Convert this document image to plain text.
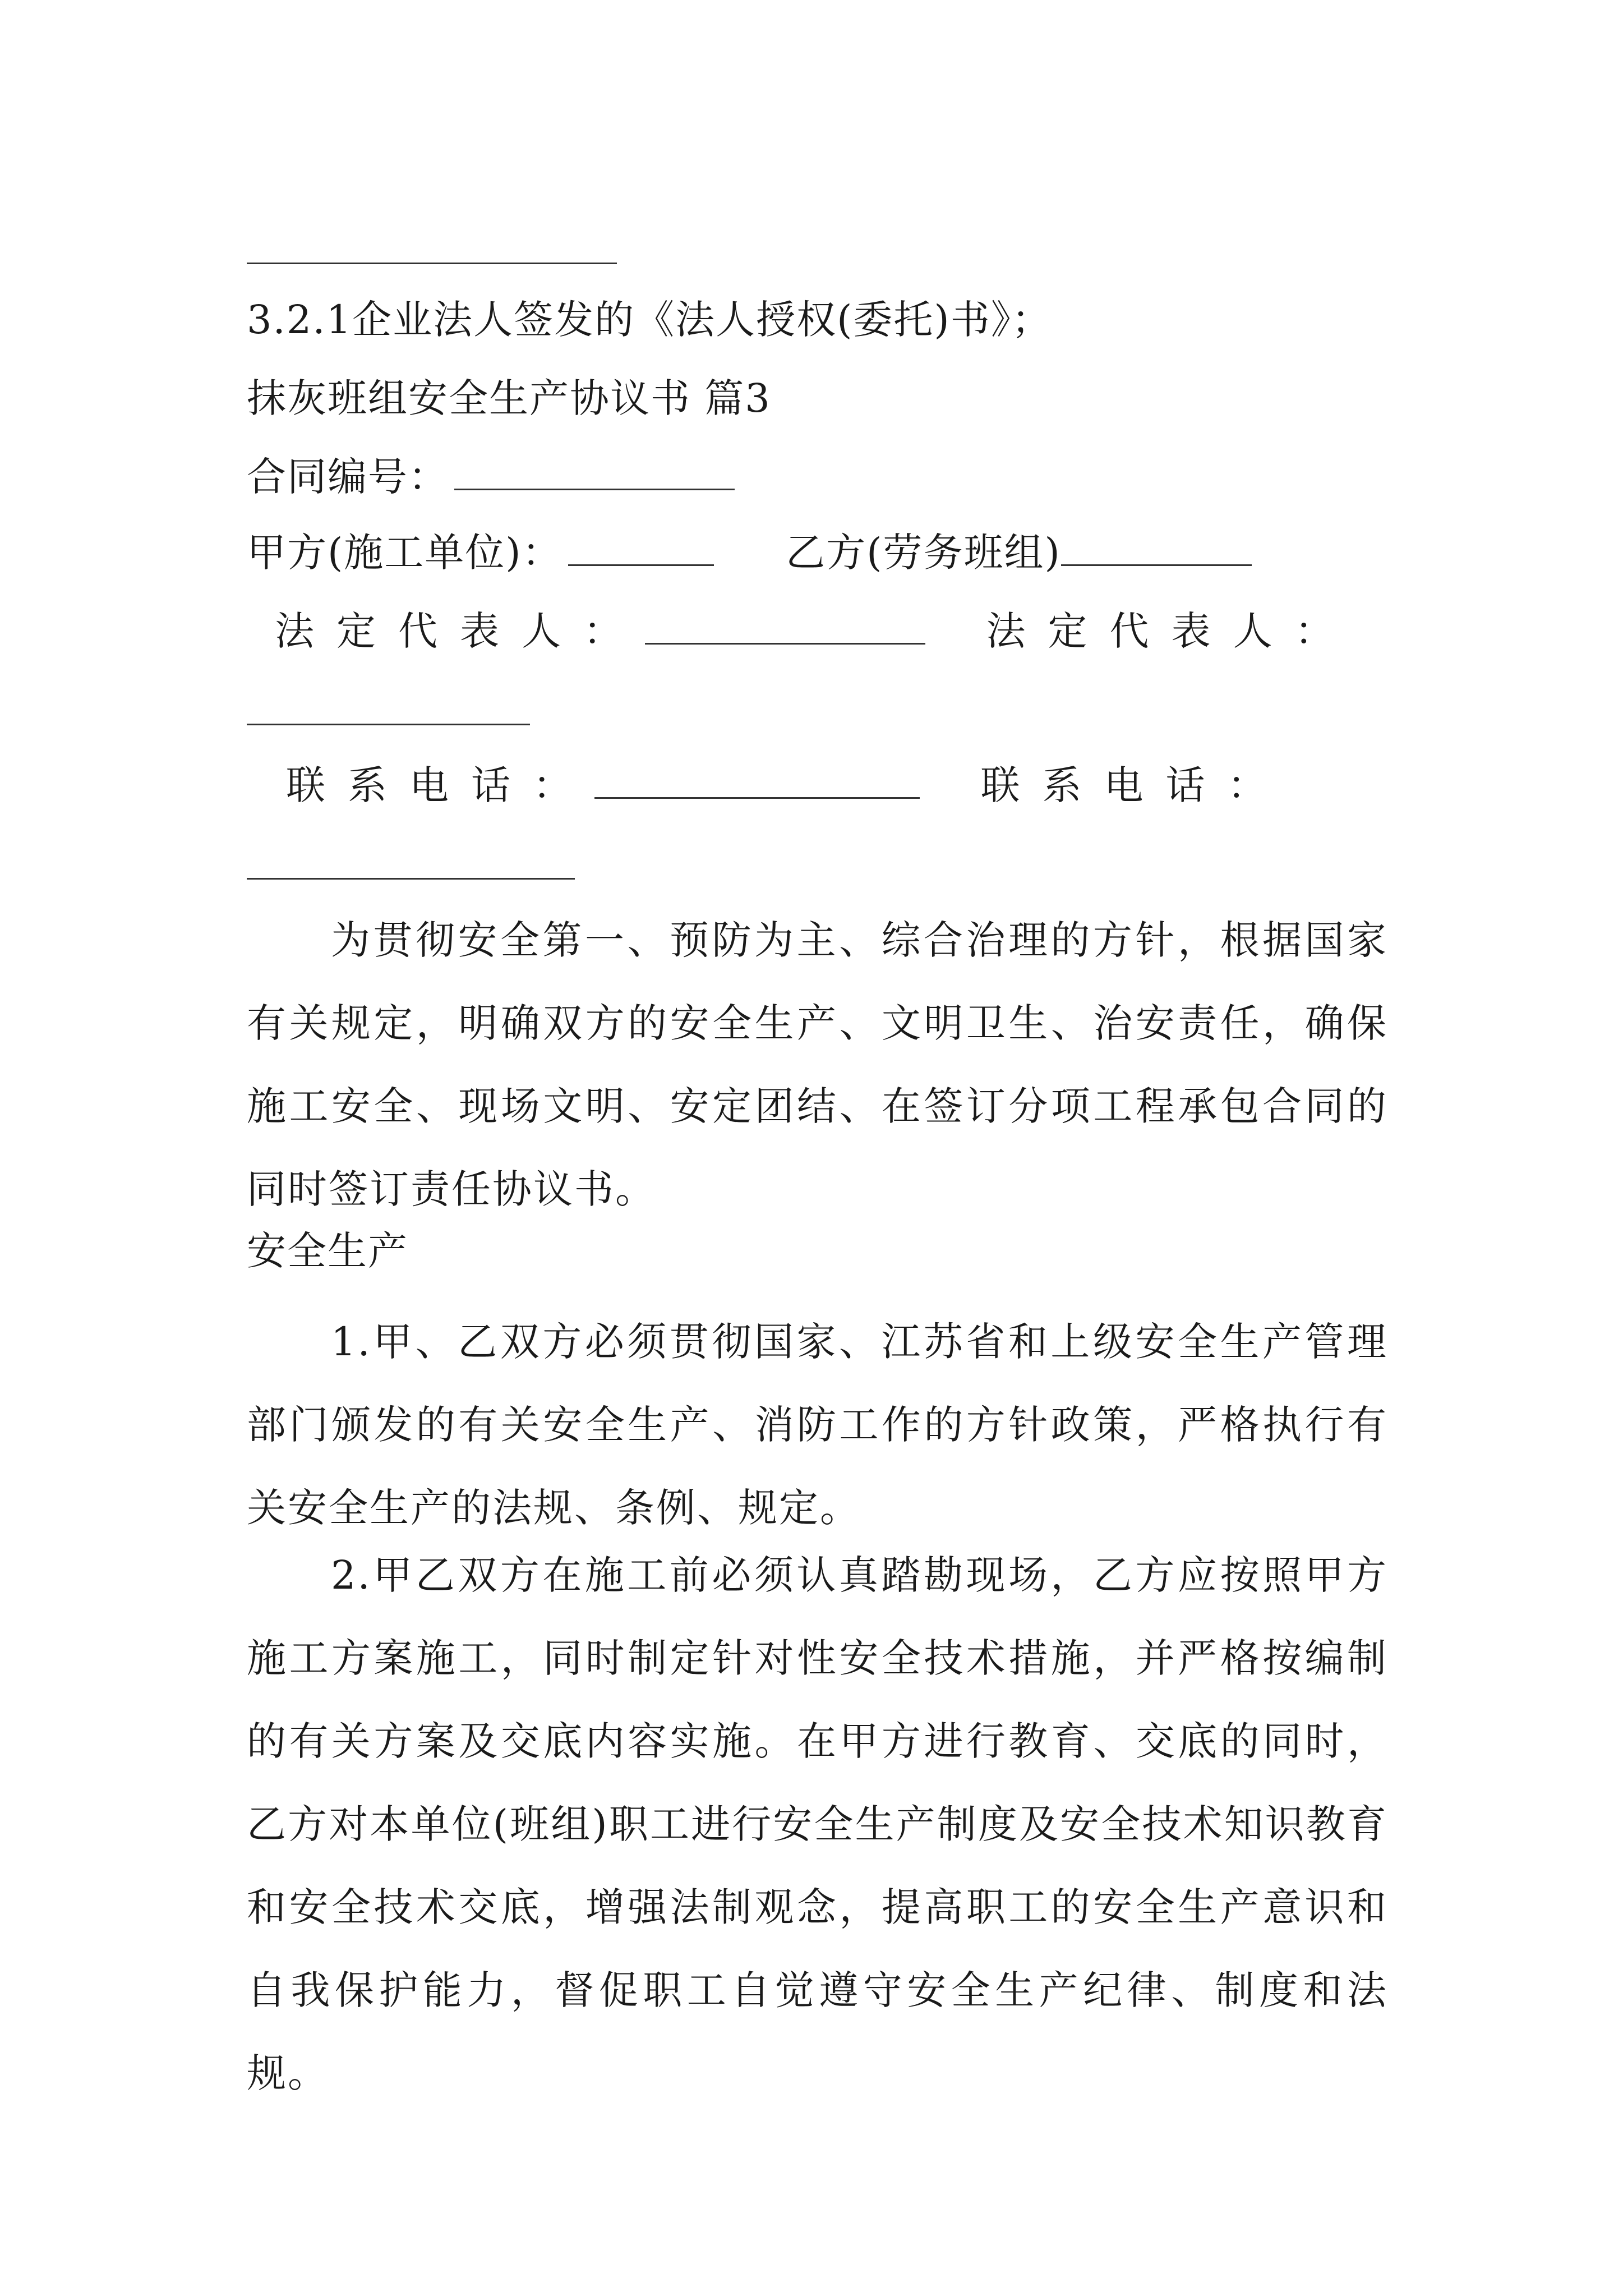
3.2.1企业法人签发的《法人授权(委托)书》；
抹灰班组安全生产协议书 篇3
合同编号：
甲方(施工单位)：	乙方(劳务班组)
法定代表人：	法定代表人：
联系电话：	联系电话：
为贯彻安全第一、预防为主、综合治理的方针，根据国家有关规定，明确双方的安全生产、文明卫生、治安责任，确保施工安全、现场文明、安定团结、在签订分项工程承包合同的同时签订责任协议书。
安全生产
1.甲、乙双方必须贯彻国家、江苏省和上级安全生产管理部门颁发的有关安全生产、消防工作的方针政策，严格执行有关安全生产的法规、条例、规定。
2.甲乙双方在施工前必须认真踏勘现场，乙方应按照甲方施工方案施工，同时制定针对性安全技术措施，并严格按编制的有关方案及交底内容实施。在甲方进行教育、交底的同时，乙方对本单位(班组)职工进行安全生产制度及安全技术知识教育和安全技术交底，增强法制观念，提高职工的安全生产意识和自我保护能力，督促职工自觉遵守安全生产纪律、制度和法规。
